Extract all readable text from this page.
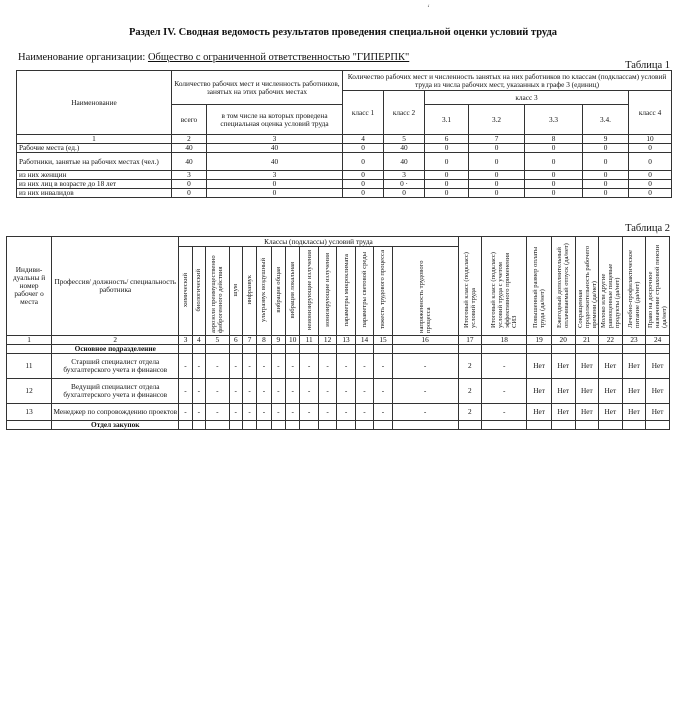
ʻ
Раздел IV. Сводная ведомость результатов проведения специальной оценки условий труда
Наименование организации: Общество с ограниченной ответственностью "ГИПЕРПК"
Таблица 1
Наименование	Количество рабочих мест и численность работников, занятых на этих рабочих местах		Количество рабочих мест и численность занятых на них работников по классам (подклассам) условий труда из числа рабочих мест, указанных в графе 3 (единиц)						
			класс 1	класс 2	класс 3				класс 4
	всего	в том числе на которых проведена специальная оценка условий труда			3.1	3.2	3.3	3.4.	
1	2	3	4	5	6	7	8	9	10
Рабочие места (ед.)	40	40	0	40	0	0	0	0	0
Работники, занятые на рабочих местах (чел.)	40	40	0	40	0	0	0	0	0
из них женщин	3	3	0	3	0	0	0	0	0
из них лиц в возрасте до 18 лет	0	0	0	0 ·	0	0	0	0	0
из них инвалидов	0	0	0	0	0	0	0	0	0
Таблица 2
Индиви-дуальны й номер рабочег о места	Профессия/ должность/ специальность работника	Классы (подклассы) условий труда														Итоговый класс (подкласс) условий труда	Итоговый класс (подкласс) условий труда с учетом эффективного применения СИЗ	Повышенный размер оплаты труда (да/нет)	Ежегодный дополнительный оплачиваемый отпуск (да/нет)	Сокращенная продолжительность рабочего времени (да/нет)	Молоко или другие равноценные пищевые продукты (да/нет)	Лечебно-профилактическое питание (да/нет)	Право на досрочное назначение страховой пенсии (да/нет)
		химический	биологический	аэрозоли преимущественно фиброгенного действия	шум	инфразвук	ультразвук воздушный	вибрация общая	вибрация локальная	неионизирующие излучения	ионизирующие излучения	параметры микроклимата	параметры световой среды	тяжесть трудового процесса	напряженность трудового процесса								
1	2	3	4	5	6	7	8	9	10	11	12	13	14	15	16	17	18	19	20	21	22	23	24
	Основное подразделение																						
11	Старший специалист отдела бухгалтерского учета и финансов	-	-	-	-	-	-	-	-	-	-	-	-	-	-	2	-	Нет	Нет	Нет	Нет	Нет	Нет
12	Ведущий специалист отдела бухгалтерского учета и финансов	-	-	-	-	-	-	-	-	-	-	-	-	-	-	2	-	Нет	Нет	Нет	Нет	Нет	Нет
13	Менеджер по сопровождению проектов	-	-	-	-	-	-	-	-	-	-	-	-	-	-	2	-	Нет	Нет	Нет	Нет	Нет	Нет
	Отдел закупок																						
